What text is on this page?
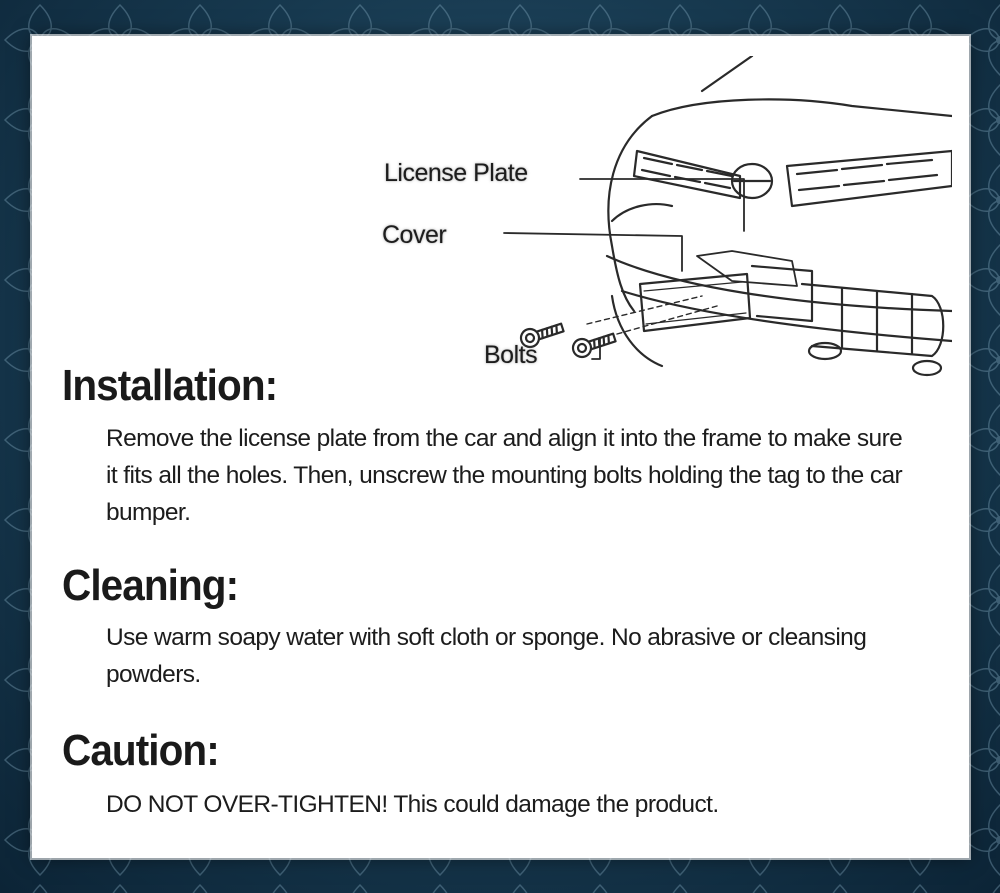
License Plate
Cover
Bolts
Installation:

Remove the license plate from the car and align it into the frame to make sure it fits all the holes. Then, unscrew the mounting bolts holding the tag to the car bumper.

Cleaning:

Use warm soapy water with soft cloth or sponge. No abrasive or cleansing powders.

Caution:

DO NOT OVER-TIGHTEN! This could damage the product.
